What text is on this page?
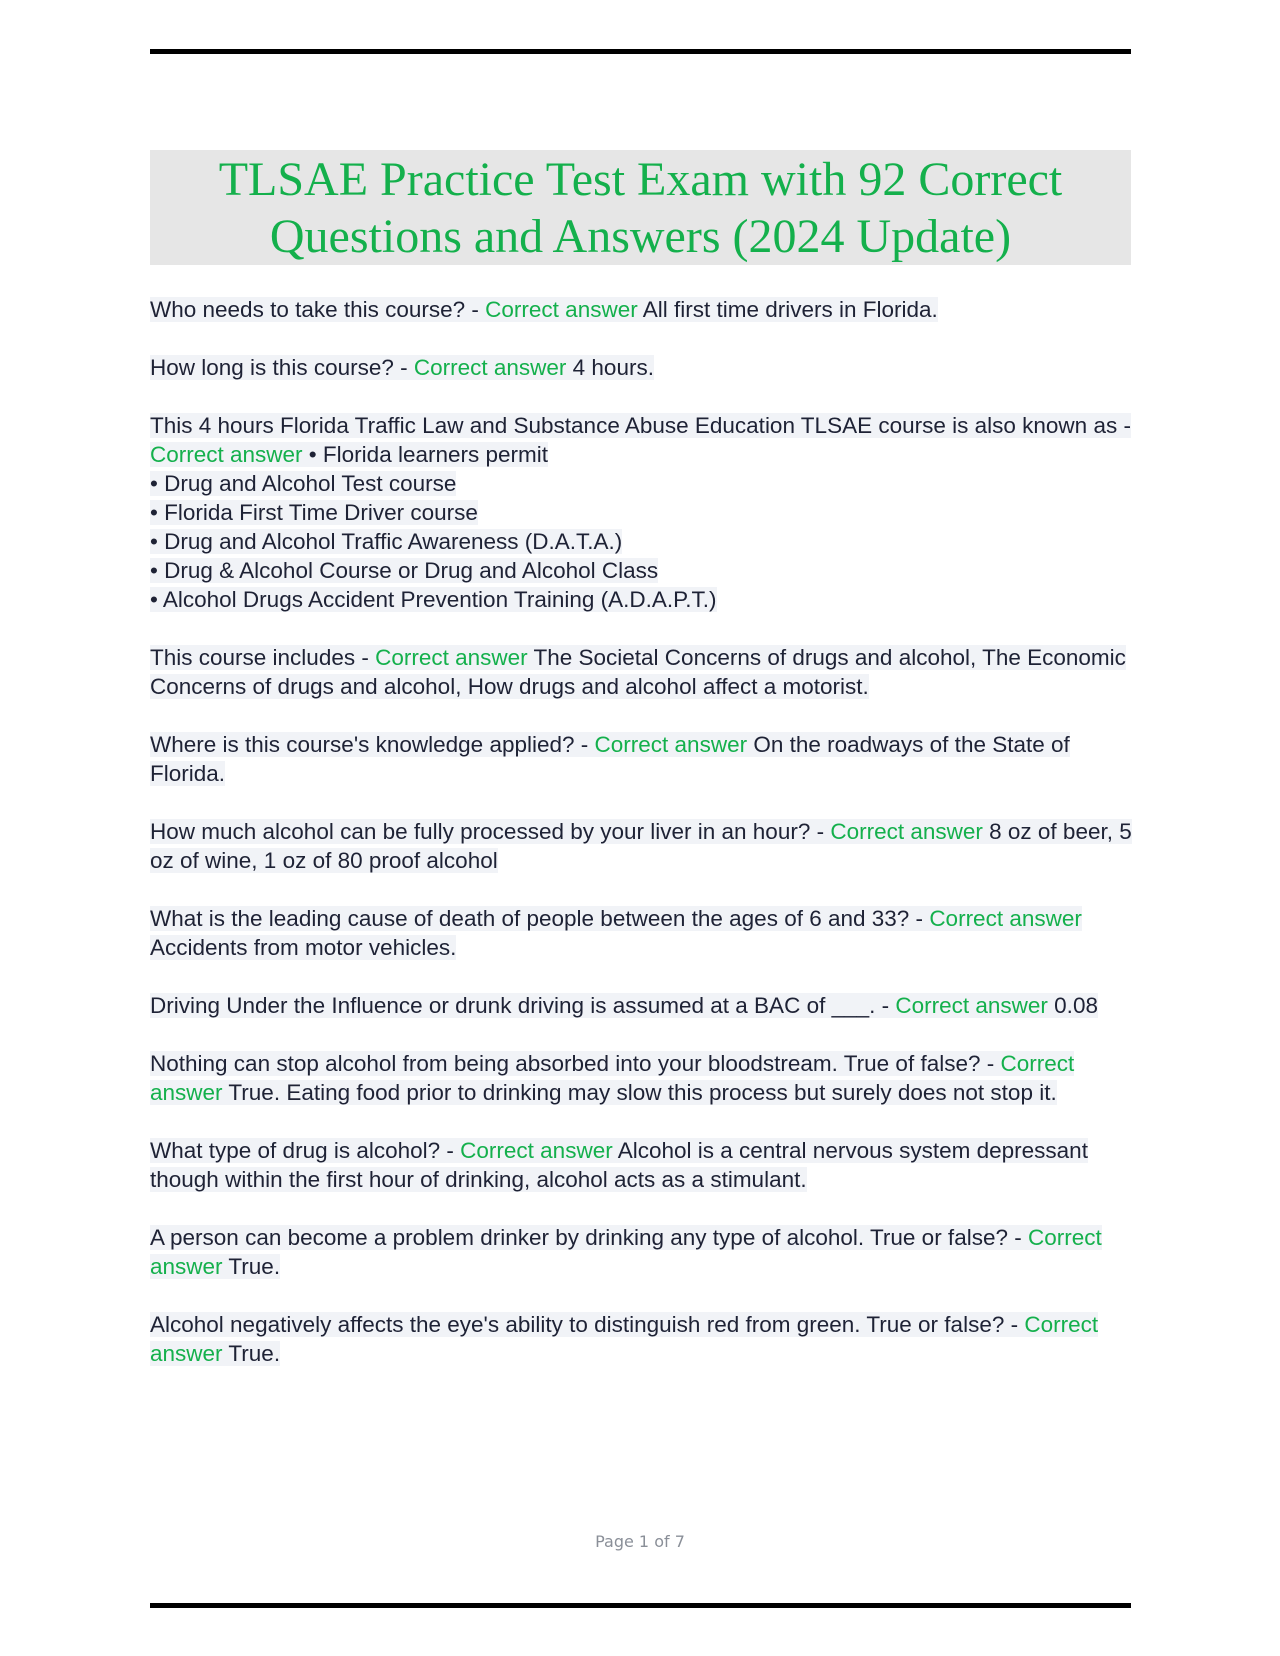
TLSAE Practice Test Exam with 92 Correct
Questions and Answers (2024 Update)

Who needs to take this course? - Correct answer All first time drivers in Florida.

How long is this course? - Correct answer 4 hours.

This 4 hours Florida Traffic Law and Substance Abuse Education TLSAE course is also known as - Correct answer • Florida learners permit
• Drug and Alcohol Test course
• Florida First Time Driver course
• Drug and Alcohol Traffic Awareness (D.A.T.A.)
• Drug & Alcohol Course or Drug and Alcohol Class
• Alcohol Drugs Accident Prevention Training (A.D.A.P.T.)

This course includes - Correct answer The Societal Concerns of drugs and alcohol, The Economic Concerns of drugs and alcohol, How drugs and alcohol affect a motorist.

Where is this course's knowledge applied? - Correct answer On the roadways of the State of Florida.

How much alcohol can be fully processed by your liver in an hour? - Correct answer 8 oz of beer, 5 oz of wine, 1 oz of 80 proof alcohol

What is the leading cause of death of people between the ages of 6 and 33? - Correct answer Accidents from motor vehicles.

Driving Under the Influence or drunk driving is assumed at a BAC of ___. - Correct answer 0.08

Nothing can stop alcohol from being absorbed into your bloodstream. True of false? - Correct answer True. Eating food prior to drinking may slow this process but surely does not stop it.

What type of drug is alcohol? - Correct answer Alcohol is a central nervous system depressant though within the first hour of drinking, alcohol acts as a stimulant.

A person can become a problem drinker by drinking any type of alcohol. True or false? - Correct answer True.

Alcohol negatively affects the eye's ability to distinguish red from green. True or false? - Correct answer True.

Page 1 of 7
